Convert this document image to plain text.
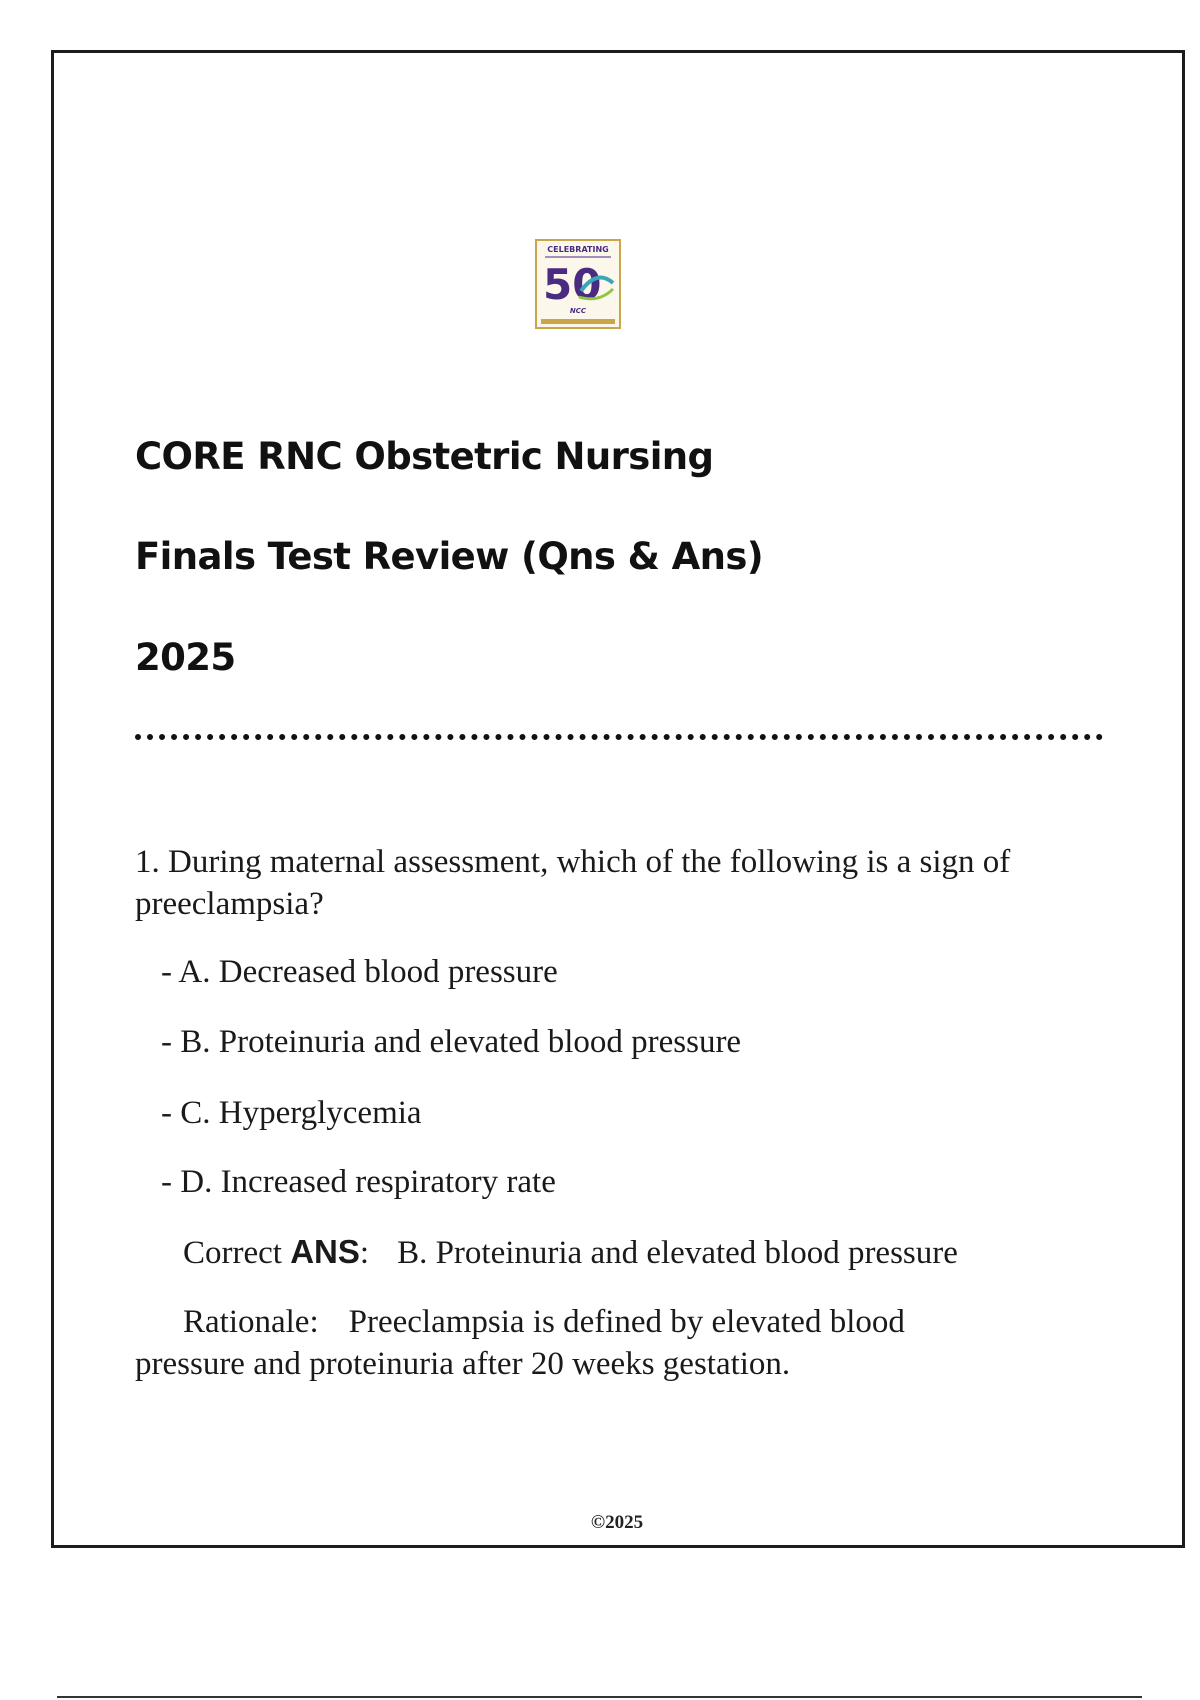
CELEBRATING
50
NCC
CORE RNC Obstetric Nursing
Finals Test Review (Qns & Ans)
2025
1. During maternal assessment, which of the following is a sign of
preeclampsia?
- A. Decreased blood pressure
- B. Proteinuria and elevated blood pressure
- C. Hyperglycemia
- D. Increased respiratory rate
Correct ANS: B. Proteinuria and elevated blood pressure
Rationale: Preeclampsia is defined by elevated blood
pressure and proteinuria after 20 weeks gestation.
©2025
